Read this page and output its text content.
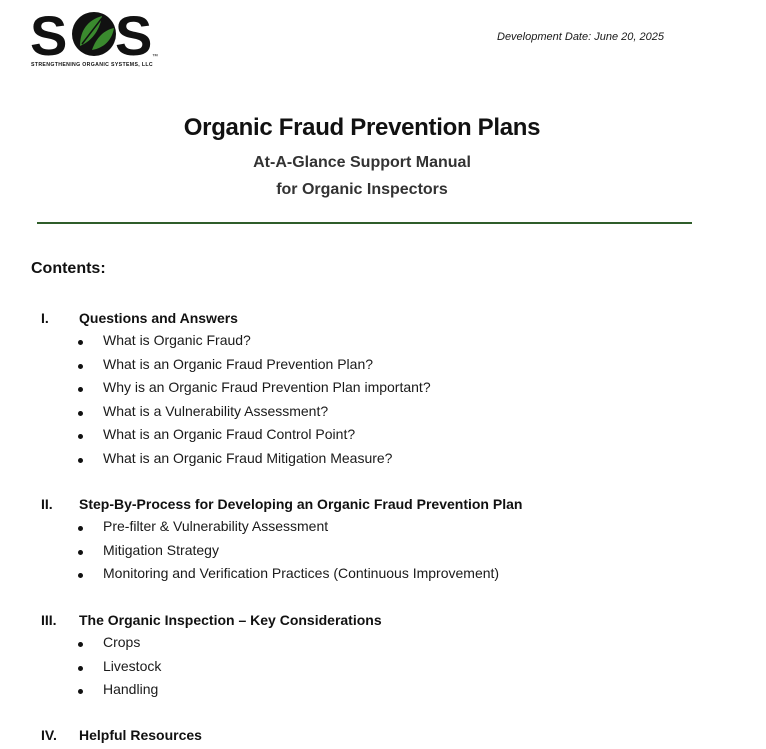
S S ™
STRENGTHENING ORGANIC SYSTEMS, LLC
Development Date: June 20, 2025
Organic Fraud Prevention Plans
At-A-Glance Support Manual
for Organic Inspectors
Contents:
I. Questions and Answers
What is Organic Fraud?
What is an Organic Fraud Prevention Plan?
Why is an Organic Fraud Prevention Plan important?
What is a Vulnerability Assessment?
What is an Organic Fraud Control Point?
What is an Organic Fraud Mitigation Measure?
II. Step-By-Process for Developing an Organic Fraud Prevention Plan
Pre-filter & Vulnerability Assessment
Mitigation Strategy
Monitoring and Verification Practices (Continuous Improvement)
III. The Organic Inspection – Key Considerations
Crops
Livestock
Handling
IV. Helpful Resources
